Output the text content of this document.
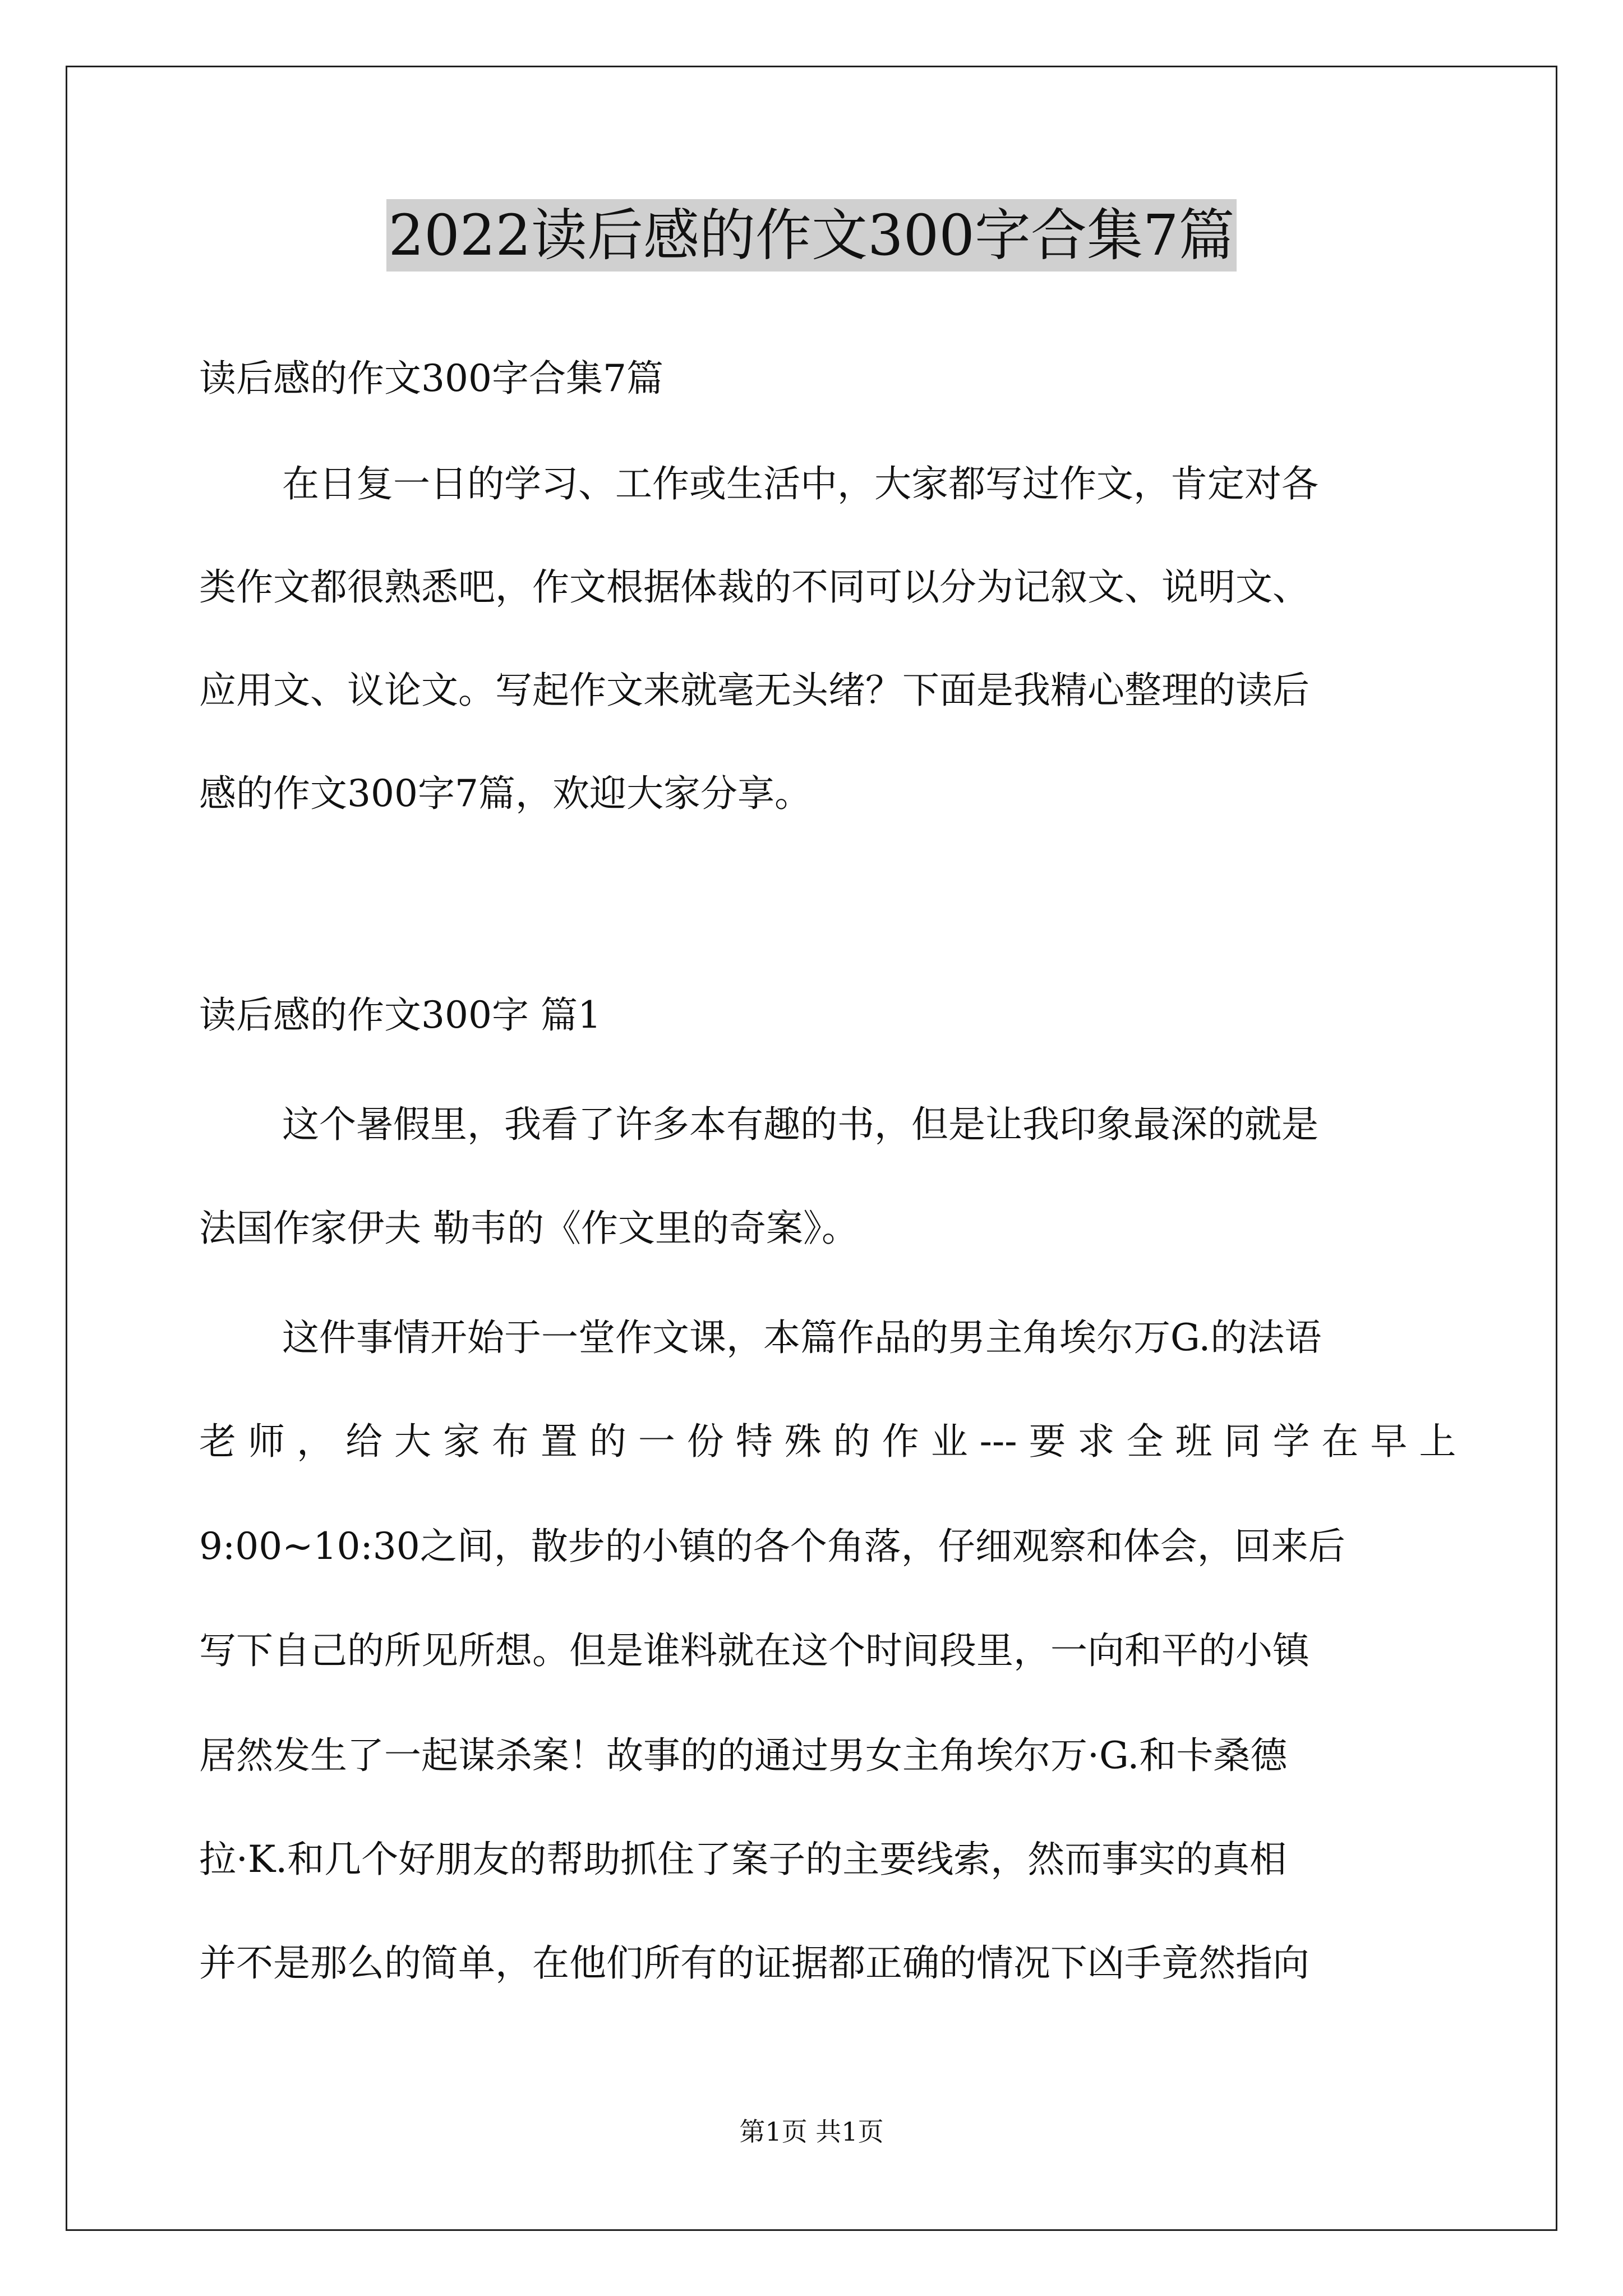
2022读后感的作文300字合集7篇
读后感的作文300字合集7篇
在日复一日的学习、工作或生活中，大家都写过作文，肯定对各
类作文都很熟悉吧，作文根据体裁的不同可以分为记叙文、说明文、
应用文、议论文。写起作文来就毫无头绪？下面是我精心整理的读后
感的作文300字7篇，欢迎大家分享。
读后感的作文300字 篇1
这个暑假里，我看了许多本有趣的书，但是让我印象最深的就是
法国作家伊夫 勒韦的《作文里的奇案》。
这件事情开始于一堂作文课，本篇作品的男主角埃尔万G.的法语
老 师 ， 给 大 家 布 置 的 一 份 特 殊 的 作 业 --- 要 求 全 班 同 学 在 早 上
9:00~10:30之间，散步的小镇的各个角落，仔细观察和体会，回来后
写下自己的所见所想。但是谁料就在这个时间段里，一向和平的小镇
居然发生了一起谋杀案！故事的的通过男女主角埃尔万·G.和卡桑德
拉·K.和几个好朋友的帮助抓住了案子的主要线索，然而事实的真相
并不是那么的简单，在他们所有的证据都正确的情况下凶手竟然指向
第1页 共1页
